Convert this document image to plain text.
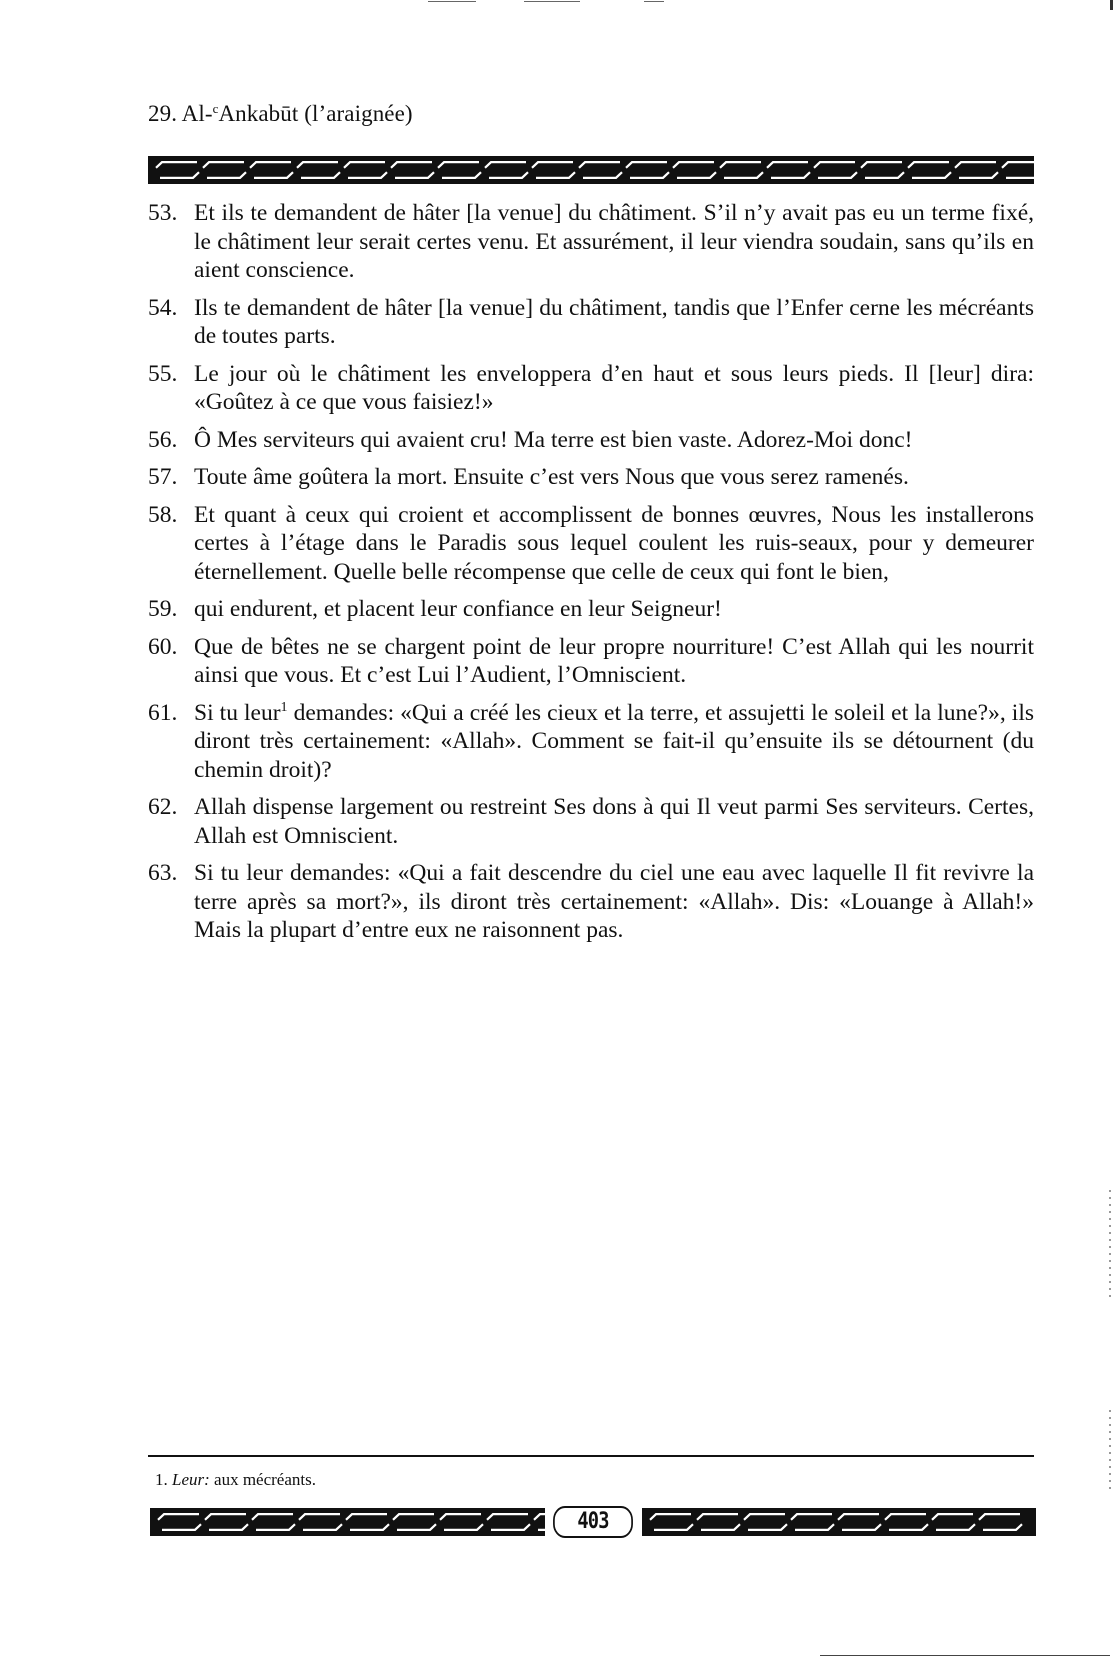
29. Al-$^c$Ankabūt (l’araignée)
53. Et ils te demandent de hâter [la venue] du châtiment. S’il n’y avait pas eu un terme fixé, le châtiment leur serait certes venu. Et assurément, il leur viendra soudain, sans qu’ils en aient conscience.
54. Ils te demandent de hâter [la venue] du châtiment, tandis que l’Enfer cerne les mécréants de toutes parts.
55. Le jour où le châtiment les enveloppera d’en haut et sous leurs pieds. Il [leur] dira: «Goûtez à ce que vous faisiez!»
56. Ô Mes serviteurs qui avaient cru! Ma terre est bien vaste. Adorez-Moi donc!
57. Toute âme goûtera la mort. Ensuite c’est vers Nous que vous serez ramenés.
58. Et quant à ceux qui croient et accomplissent de bonnes œuvres, Nous les installerons certes à l’étage dans le Paradis sous lequel coulent les ruis-seaux, pour y demeurer éternellement. Quelle belle récompense que celle de ceux qui font le bien,
59. qui endurent, et placent leur confiance en leur Seigneur!
60. Que de bêtes ne se chargent point de leur propre nourriture! C’est Allah qui les nourrit ainsi que vous. Et c’est Lui l’Audient, l’Omniscient.
61. Si tu leur$^1$ demandes: «Qui a créé les cieux et la terre, et assujetti le soleil et la lune?», ils diront très certainement: «Allah». Comment se fait-il qu’ensuite ils se détournent (du chemin droit)?
62. Allah dispense largement ou restreint Ses dons à qui Il veut parmi Ses serviteurs. Certes, Allah est Omniscient.
63. Si tu leur demandes: «Qui a fait descendre du ciel une eau avec laquelle Il fit revivre la terre après sa mort?», ils diront très certainement: «Allah». Dis: «Louange à Allah!» Mais la plupart d’entre eux ne raisonnent pas.
1. Leur: aux mécréants.
403
